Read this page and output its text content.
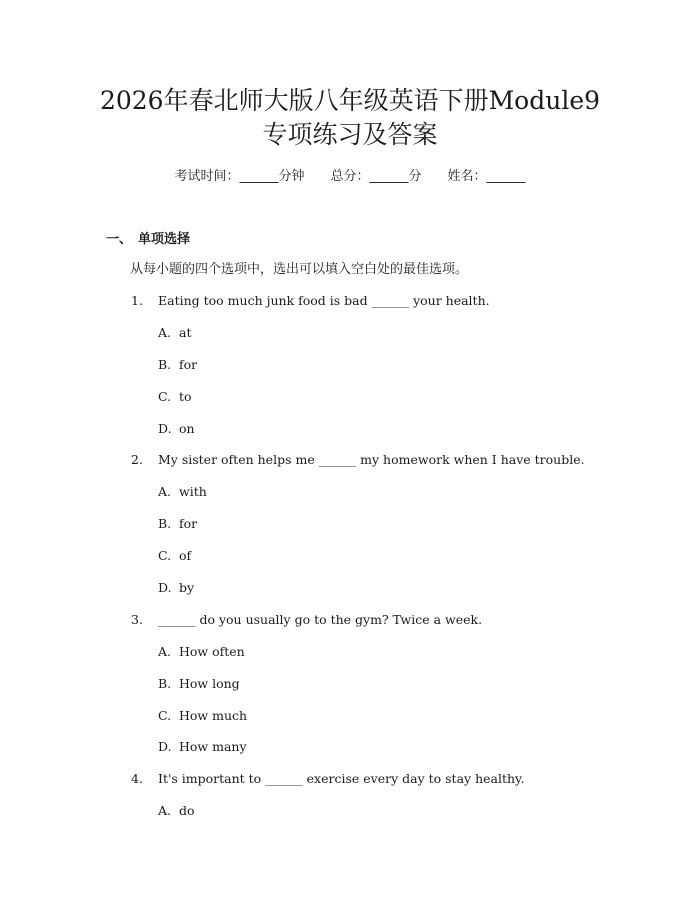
2026年春北师大版八年级英语下册Module9
专项练习及答案
考试时间：______分钟 总分：______分 姓名：______
一、 单项选择
从每小题的四个选项中，选出可以填入空白处的最佳选项。
1. Eating too much junk food is bad ______ your health.
A. at
B. for
C. to
D. on
2. My sister often helps me ______ my homework when I have trouble.
A. with
B. for
C. of
D. by
3. ______ do you usually go to the gym? Twice a week.
A. How often
B. How long
C. How much
D. How many
4. It's important to ______ exercise every day to stay healthy.
A. do
